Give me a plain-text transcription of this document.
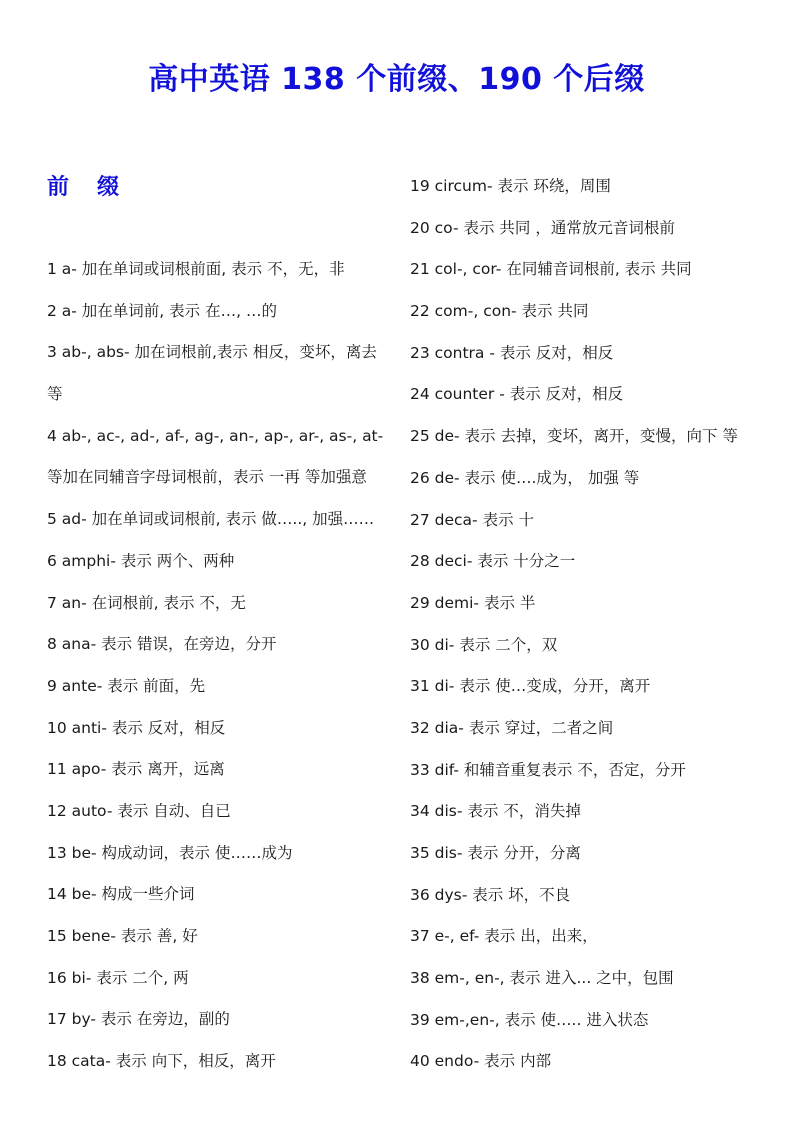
高中英语 138 个前缀、190 个后缀
前缀
1 a- 加在单词或词根前面, 表示 不，无，非
2 a- 加在单词前, 表示 在…, …的
3 ab-, abs- 加在词根前,表示 相反，变坏，离去
等
4 ab-, ac-, ad-, af-, ag-, an-, ap-, ar-, as-, at-
等加在同辅音字母词根前，表示 一再 等加强意
5 ad- 加在单词或词根前, 表示 做….., 加强……
6 amphi- 表示 两个、两种
7 an- 在词根前, 表示 不，无
8 ana- 表示 错误，在旁边，分开
9 ante- 表示 前面，先
10 anti- 表示 反对，相反
11 apo- 表示 离开，远离
12 auto- 表示 自动、自已
13 be- 构成动词，表示 使……成为
14 be- 构成一些介词
15 bene- 表示 善, 好
16 bi- 表示 二个, 两
17 by- 表示 在旁边，副的
18 cata- 表示 向下，相反，离开
19 circum- 表示 环绕，周围
20 co- 表示 共同 ，通常放元音词根前
21 col-, cor- 在同辅音词根前, 表示 共同
22 com-, con- 表示 共同
23 contra - 表示 反对，相反
24 counter - 表示 反对，相反
25 de- 表示 去掉，变坏，离开，变慢，向下 等
26 de- 表示 使….成为， 加强 等
27 deca- 表示 十
28 deci- 表示 十分之一
29 demi- 表示 半
30 di- 表示 二个，双
31 di- 表示 使…变成，分开，离开
32 dia- 表示 穿过，二者之间
33 dif- 和辅音重复表示 不，否定，分开
34 dis- 表示 不，消失掉
35 dis- 表示 分开，分离
36 dys- 表示 坏，不良
37 e-, ef- 表示 出，出来，
38 em-, en-, 表示 进入... 之中，包围
39 em-,en-, 表示 使….. 进入状态
40 endo- 表示 内部
